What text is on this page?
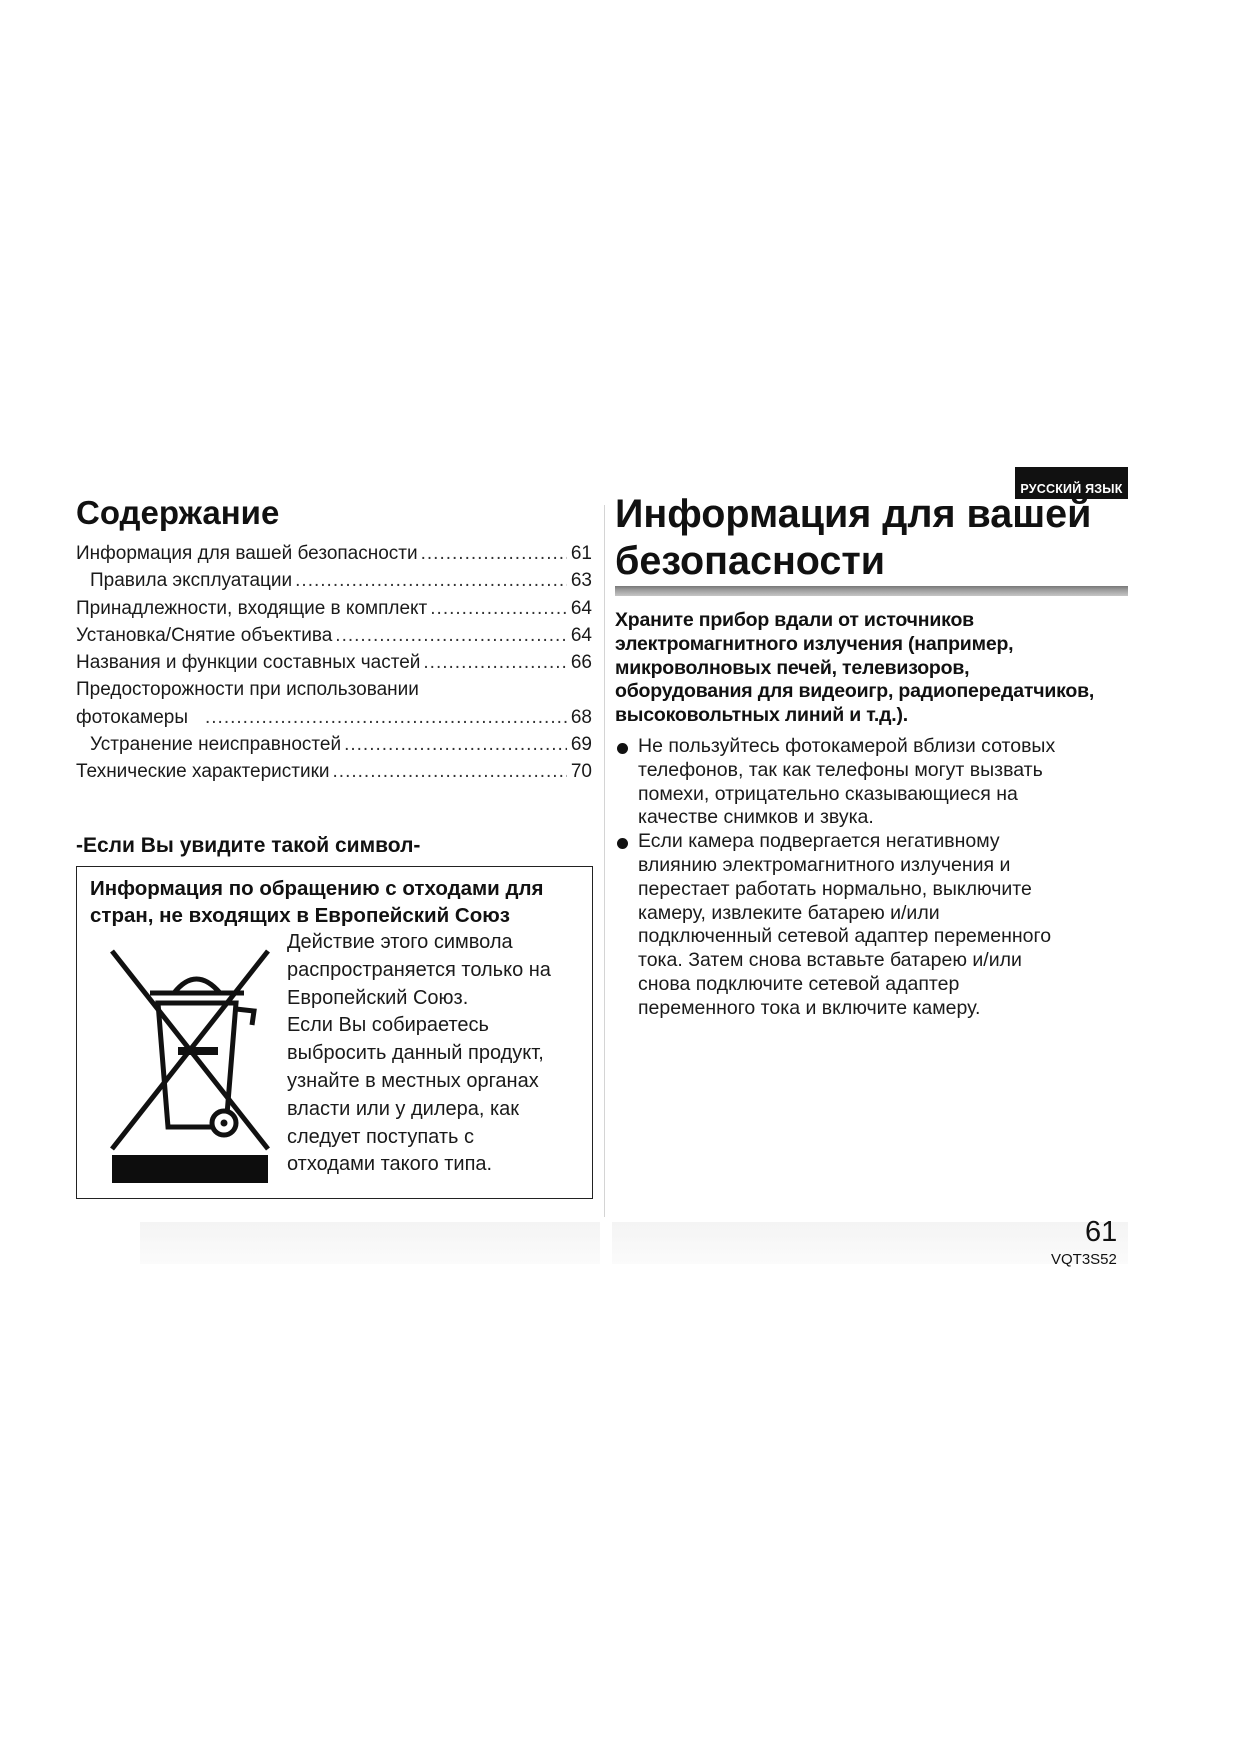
РУССКИЙ ЯЗЫК
Содержание
Информация для вашей безопасности .....	61
Правила эксплуатации .....	63
Принадлежности, входящие в комплект .....	64
Установка/Снятие объектива .....	64
Названия и функции составных частей .....	66
Предосторожности при использовании
фотокамеры .....	68
Устранение неисправностей .....	69
Технические характеристики .....	70
-Если Вы увидите такой символ-
Информация по обращению с отходами для стран, не входящих в Европейский Союз
Действие этого символа
распространяется только на
Европейский Союз.
Если Вы собираетесь
выбросить данный продукт,
узнайте в местных органах
власти или у дилера, как
следует поступать с
отходами такого типа.
Информация для вашей
безопасности
Храните прибор вдали от источников
электромагнитного излучения (например,
микроволновых печей, телевизоров,
оборудования для видеоигр, радиопередатчиков,
высоковольтных линий и т.д.).
Не пользуйтесь фотокамерой вблизи сотовых
телефонов, так как телефоны могут вызвать
помехи, отрицательно сказывающиеся на
качестве снимков и звука.
Если камера подвергается негативному
влиянию электромагнитного излучения и
перестает работать нормально, выключите
камеру, извлеките батарею и/или
подключенный сетевой адаптер переменного
тока. Затем снова вставьте батарею и/или
снова подключите сетевой адаптер
переменного тока и включите камеру.
61
VQT3S52
